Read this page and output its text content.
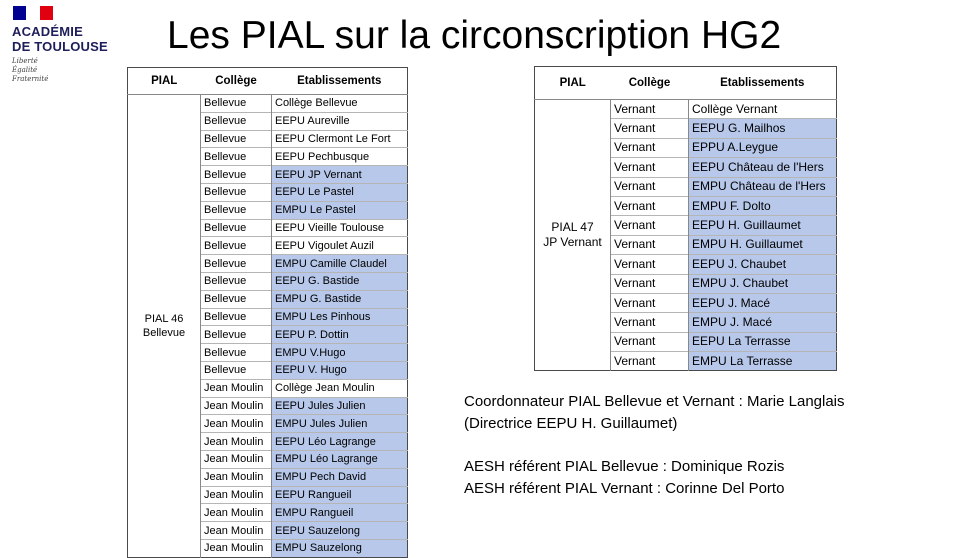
ACADÉMIE
DE TOULOUSE
Liberté
Égalité
Fraternité
Les PIAL sur la circonscription HG2
PIAL	Collège	Etablissements

PIAL 46
Bellevue	Bellevue	Collège Bellevue
	Bellevue	EEPU Aureville
	Bellevue	EEPU Clermont Le Fort
	Bellevue	EEPU Pechbusque
	Bellevue	EEPU JP Vernant
	Bellevue	EEPU Le Pastel
	Bellevue	EMPU Le Pastel
	Bellevue	EEPU Vieille Toulouse
	Bellevue	EEPU Vigoulet Auzil
	Bellevue	EMPU Camille Claudel
	Bellevue	EEPU G. Bastide
	Bellevue	EMPU G. Bastide
	Bellevue	EMPU Les Pinhous
	Bellevue	EEPU P. Dottin
	Bellevue	EMPU V.Hugo
	Bellevue	EEPU V. Hugo
	Jean Moulin	Collège Jean Moulin
	Jean Moulin	EEPU Jules Julien
	Jean Moulin	EMPU Jules Julien
	Jean Moulin	EEPU Léo Lagrange
	Jean Moulin	EMPU Léo Lagrange
	Jean Moulin	EMPU Pech David
	Jean Moulin	EEPU Rangueil
	Jean Moulin	EMPU Rangueil
	Jean Moulin	EEPU Sauzelong
	Jean Moulin	EMPU Sauzelong
PIAL	Collège	Etablissements

PIAL 47
JP Vernant	Vernant	Collège Vernant
	Vernant	EEPU G. Mailhos
	Vernant	EPPU A.Leygue
	Vernant	EEPU Château de l'Hers
	Vernant	EMPU Château de l'Hers
	Vernant	EMPU F. Dolto
	Vernant	EEPU H. Guillaumet
	Vernant	EMPU H. Guillaumet
	Vernant	EEPU J. Chaubet
	Vernant	EMPU J. Chaubet
	Vernant	EEPU J. Macé
	Vernant	EMPU J. Macé
	Vernant	EEPU La Terrasse
	Vernant	EMPU La Terrasse

Coordonnateur PIAL Bellevue et Vernant : Marie Langlais

(Directrice EEPU H. Guillaumet)

AESH référent PIAL Bellevue : Dominique Rozis

AESH référent PIAL Vernant : Corinne Del Porto
